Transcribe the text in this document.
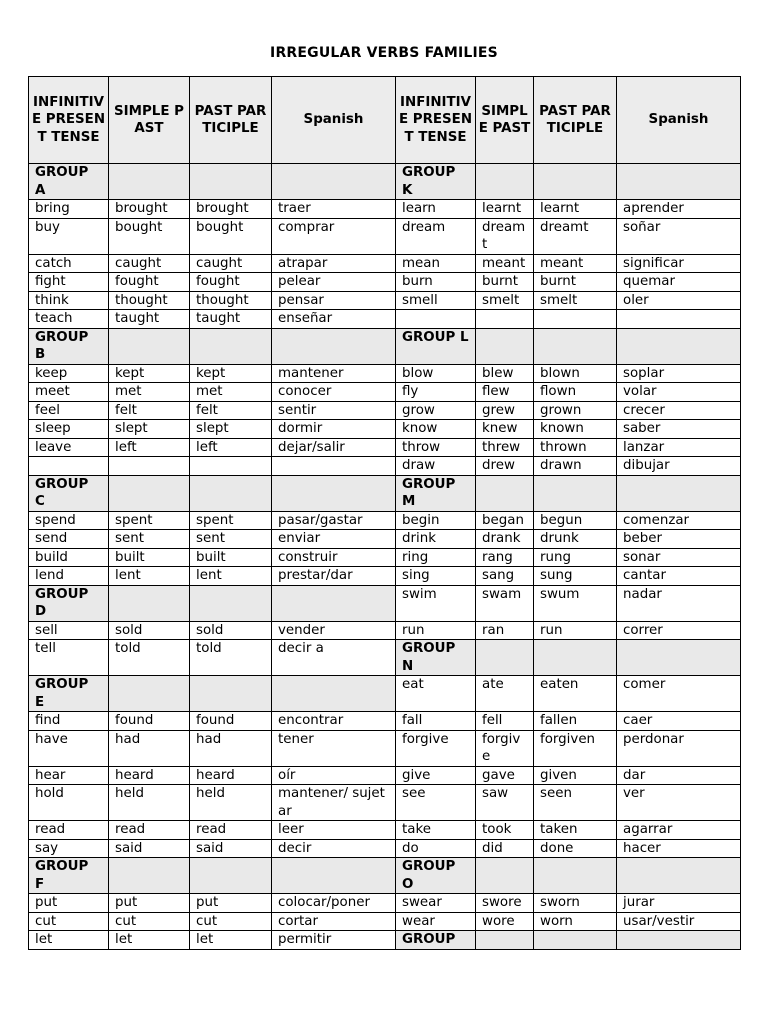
IRREGULAR VERBS FAMILIES
INFINITIVE PRESENT TENSE	SIMPLE PAST	PAST PARTICIPLE	Spanish	INFINITIVE PRESENT TENSE	SIMPLE PAST	PAST PARTICIPLE	Spanish
GROUP A				GROUP K			
bring	brought	brought	traer	learn	learnt	learnt	aprender
buy	bought	bought	comprar	dream	dreamt	dreamt	soñar
catch	caught	caught	atrapar	mean	meant	meant	significar
fight	fought	fought	pelear	burn	burnt	burnt	quemar
think	thought	thought	pensar	smell	smelt	smelt	oler
teach	taught	taught	enseñar				
GROUP B				GROUP L			
keep	kept	kept	mantener	blow	blew	blown	soplar
meet	met	met	conocer	fly	flew	flown	volar
feel	felt	felt	sentir	grow	grew	grown	crecer
sleep	slept	slept	dormir	know	knew	known	saber
leave	left	left	dejar/salir	throw	threw	thrown	lanzar
				draw	drew	drawn	dibujar
GROUP C				GROUP M			
spend	spent	spent	pasar/gastar	begin	began	begun	comenzar
send	sent	sent	enviar	drink	drank	drunk	beber
build	built	built	construir	ring	rang	rung	sonar
lend	lent	lent	prestar/dar	sing	sang	sung	cantar
GROUP D				swim	swam	swum	nadar
sell	sold	sold	vender	run	ran	run	correr
tell	told	told	decir a	GROUP N			
GROUP E				eat	ate	eaten	comer
find	found	found	encontrar	fall	fell	fallen	caer
have	had	had	tener	forgive	forgive	forgiven	perdonar
hear	heard	heard	oír	give	gave	given	dar
hold	held	held	mantener/ sujetar	see	saw	seen	ver
read	read	read	leer	take	took	taken	agarrar
say	said	said	decir	do	did	done	hacer
GROUP F				GROUP O			
put	put	put	colocar/poner	swear	swore	sworn	jurar
cut	cut	cut	cortar	wear	wore	worn	usar/vestir
let	let	let	permitir	GROUP			
